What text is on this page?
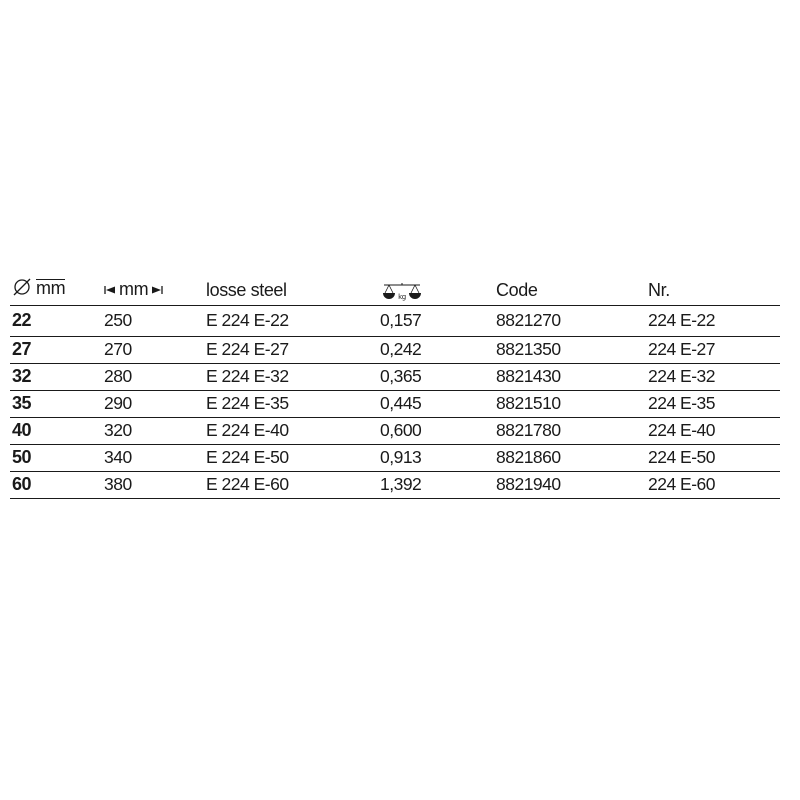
mm	mm	losse steel	kg	Code	Nr.
22	250	E 224 E-22	0,157	8821270	224 E-22
27	270	E 224 E-27	0,242	8821350	224 E-27
32	280	E 224 E-32	0,365	8821430	224 E-32
35	290	E 224 E-35	0,445	8821510	224 E-35
40	320	E 224 E-40	0,600	8821780	224 E-40
50	340	E 224 E-50	0,913	8821860	224 E-50
60	380	E 224 E-60	1,392	8821940	224 E-60
